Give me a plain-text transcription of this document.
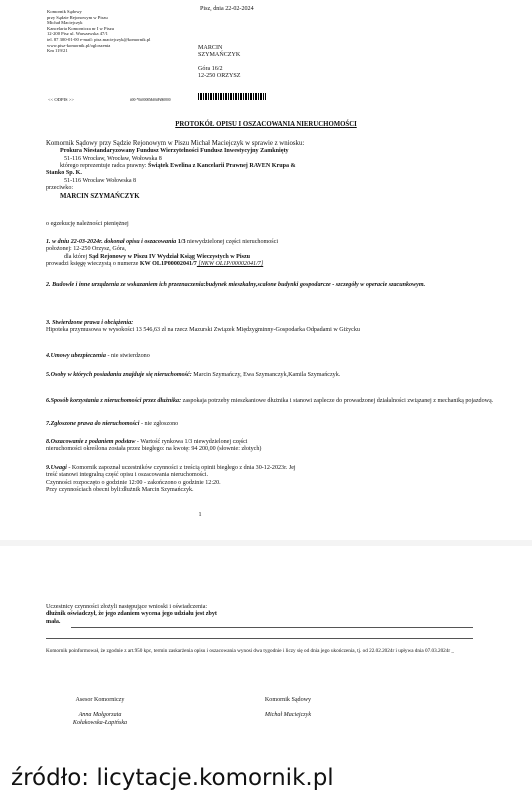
Komornik Sądowy
przy Sądzie Rejonowym w Piszu
Michał Maciejczyk
Kancelaria Komornicza nr I w Piszu
12-200 Pisz ul. Warszawska 47/1
tel. 87 300-01-00 e-mail: pisz.maciejczyk@komornik.pl
www.pisz-komornik.pl/ogloszenia
Km 119/21
Pisz, dnia 22-02-2024
MARCIN
SZYMAŃCZYK
Góra 16/2
12-250 ORZYSZ
<< ODPIS >>	#00-*0#0000M#0#P#$0800
PROTOKÓŁ OPISU I OSZACOWANIA NIERUCHOMOŚCI
Komornik Sądowy przy Sądzie Rejonowym w Piszu Michał Maciejczyk w sprawie z wniosku:
Prokura Niestandaryzowany Fundusz Wierzytelności Fundusz Inwestycyjny Zamknięty
51-116 Wrocław, Wrocław, Wołowska 8
którego reprezentuje radca prawny: Świątek Ewelina z Kancelarii Prawnej RAVEN Krupa &
Stanko Sp. K.
51-116 Wrocław Wołowska 8
przeciwko:
MARCIN SZYMAŃCZYK
o egzekucję należności pieniężnej
1. w dniu 22-03-2024r. dokonał opisu i oszacowania 1/3 niewydzielonej części nieruchomości
położonej: 12-250 Orzysz, Góra,
dla której Sąd Rejonowy w Piszu IV Wydział Ksiąg Wieczystych w Piszu
prowadzi księgę wieczystą o numerze KW OL1P00002041/7 [NKW OL1P/00002041/7]
2. Budowle i inne urządzenia ze wskazaniem ich przeznaczenia:budynek mieszkalny,scalone budynki gospodarcze - szczegóły w operacie szacunkowym.
3. Stwierdzone prawa i obciążenia:
Hipoteka przymusowa w wysokości 13 546,63 zł na rzecz Mazurski Związek Międzygminny-Gospodarka Odpadami w Giżycku
4.Umowy ubezpieczenia - nie stwierdzono
5.Osoby w których posiadaniu znajduje się nieruchomość: Marcin Szymańczy, Ewa Szymanczyk,Kamila Szymańczyk.
6.Sposób korzystania z nieruchomości przez dłużnika: zaspokaja potrzeby mieszkaniowe dłużnika i stanowi zaplecze do prowadzonej działalności związanej z mechaniką pojazdową.
7.Zgłoszone prawa do nieruchomości - nie zgłoszono
8.Oszacowanie z podaniem podstaw - Wartość rynkowa 1/3 niewydzielonej części
nieruchomości określona została przez biegłego: na kwotę: 94 200,00 (słownie: złotych)
9.Uwagi - Komornik zapoznał uczestników czynności z treścią opinii biegłego z dnia 30-12-2023r. Jej
treść stanowi integralną część opisu i oszacowania nieruchomości.
Czynności rozpoczęto o godzinie 12:00 - zakończono o godzinie 12:20.
Przy czynnościach obecni byli:dłużnik Marcin Szymańczyk.
1
Uczestnicy czynności złożyli następujące wnioski i oświadczenia:
dłużnik oświadczył, że jego zdaniem wycena jego udziału jest zbyt
mała.
Komornik poinformował, że zgodnie z art.950 kpc, termin zaskarżenia opisu i oszacowania wynosi dwa tygodnie i liczy się od dnia jego ukończenia, tj. od 22.02.2024r i upływa dnia 07.03.2024r _
Asesor Komorniczy
Anna Małgorzata
Kołakowska-Łapińska
Komornik Sądowy
Michał Maciejczyk
źródło: licytacje.komornik.pl
